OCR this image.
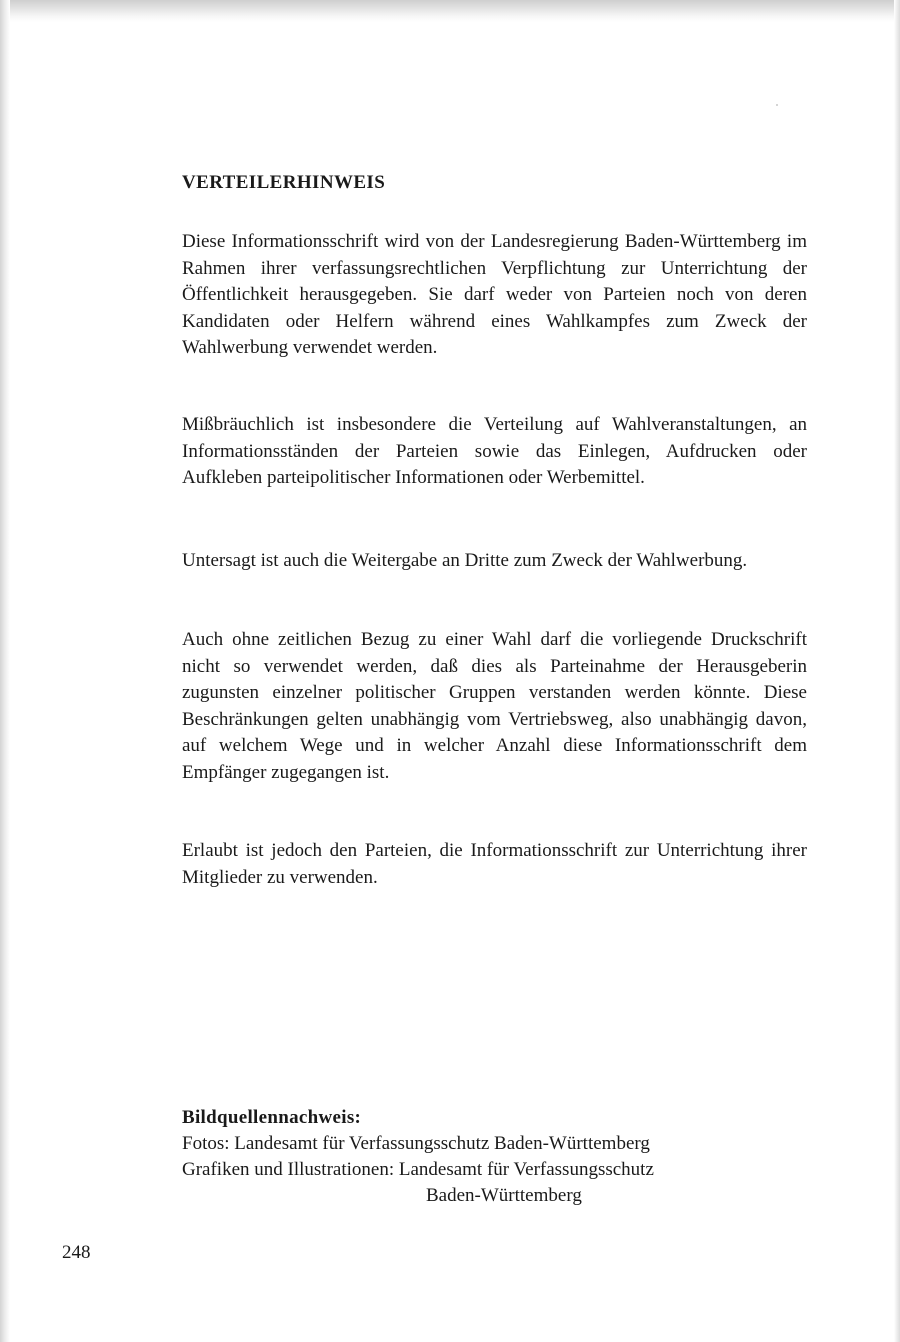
VERTEILERHINWEIS

Diese Informationsschrift wird von der Landesregierung Baden-Württemberg im Rahmen ihrer verfassungsrechtlichen Verpflichtung zur Unterrichtung der Öffentlichkeit herausgegeben. Sie darf weder von Parteien noch von deren Kandidaten oder Helfern während eines Wahlkampfes zum Zweck der Wahlwerbung verwendet werden.

Mißbräuchlich ist insbesondere die Verteilung auf Wahlveranstaltungen, an Informationsständen der Parteien sowie das Einlegen, Aufdrucken oder Aufkleben parteipolitischer Informationen oder Werbemittel.

Untersagt ist auch die Weitergabe an Dritte zum Zweck der Wahlwerbung.

Auch ohne zeitlichen Bezug zu einer Wahl darf die vorliegende Druckschrift nicht so verwendet werden, daß dies als Parteinahme der Herausgeberin zugunsten einzelner politischer Gruppen verstanden werden könnte. Diese Beschränkungen gelten unabhängig vom Vertriebsweg, also unabhängig davon, auf welchem Wege und in welcher Anzahl diese Informationsschrift dem Empfänger zugegangen ist.

Erlaubt ist jedoch den Parteien, die Informationsschrift zur Unterrichtung ihrer Mitglieder zu verwenden.

Bildquellennachweis:
Fotos: Landesamt für Verfassungsschutz Baden-Württemberg
Grafiken und Illustrationen: Landesamt für Verfassungsschutz
Baden-Württemberg
248
